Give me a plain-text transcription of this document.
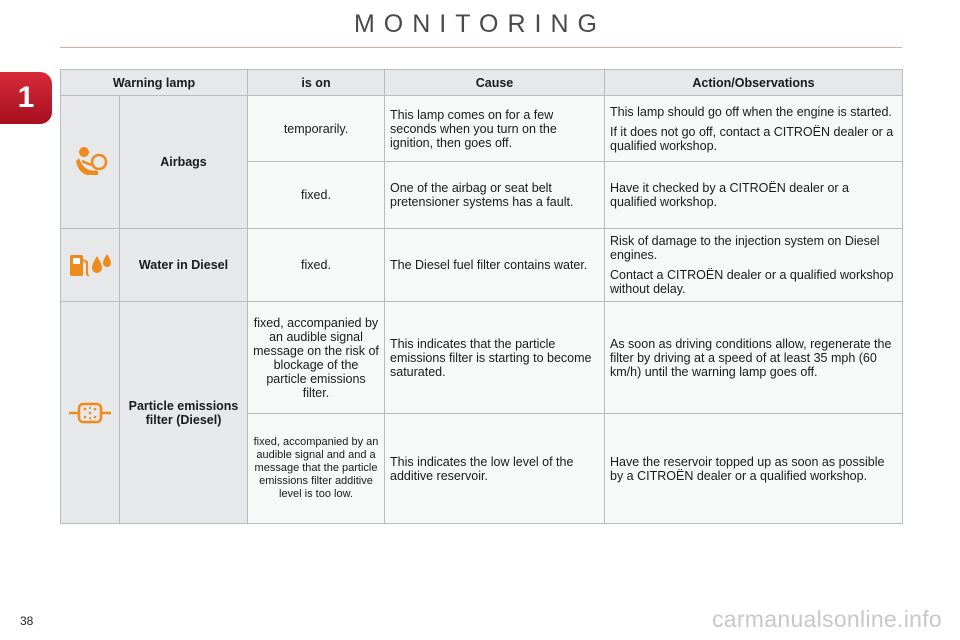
1
MONITORING
Warning lamp		is on	Cause	Action/Observations

	Airbags	temporarily.	This lamp comes on for a few seconds when you turn on the ignition, then goes off.	This lamp should go off when the engine is started.

If it does not go off, contact a CITROËN dealer or a qualified workshop.

		fixed.	One of the airbag or seat belt pretensioner systems has a fault.	Have it checked by a CITROËN dealer or a qualified workshop.

	Water in Diesel	fixed.	The Diesel fuel filter contains water.	Risk of damage to the injection system on Diesel engines.

Contact a CITROËN dealer or a qualified workshop without delay.

	Particle emissions filter (Diesel)	fixed, accompanied by an audible signal message on the risk of blockage of the particle emissions filter.	This indicates that the particle emissions filter is starting to become saturated.	As soon as driving conditions allow, regenerate the filter by driving at a speed of at least 35 mph (60 km/h) until the warning lamp goes off.

		fixed, accompanied by an audible signal and and a message that the particle emissions filter additive level is too low.	This indicates the low level of the additive reservoir.	Have the reservoir topped up as soon as possible by a CITROËN dealer or a qualified workshop.

38	carmanualsonline.info
